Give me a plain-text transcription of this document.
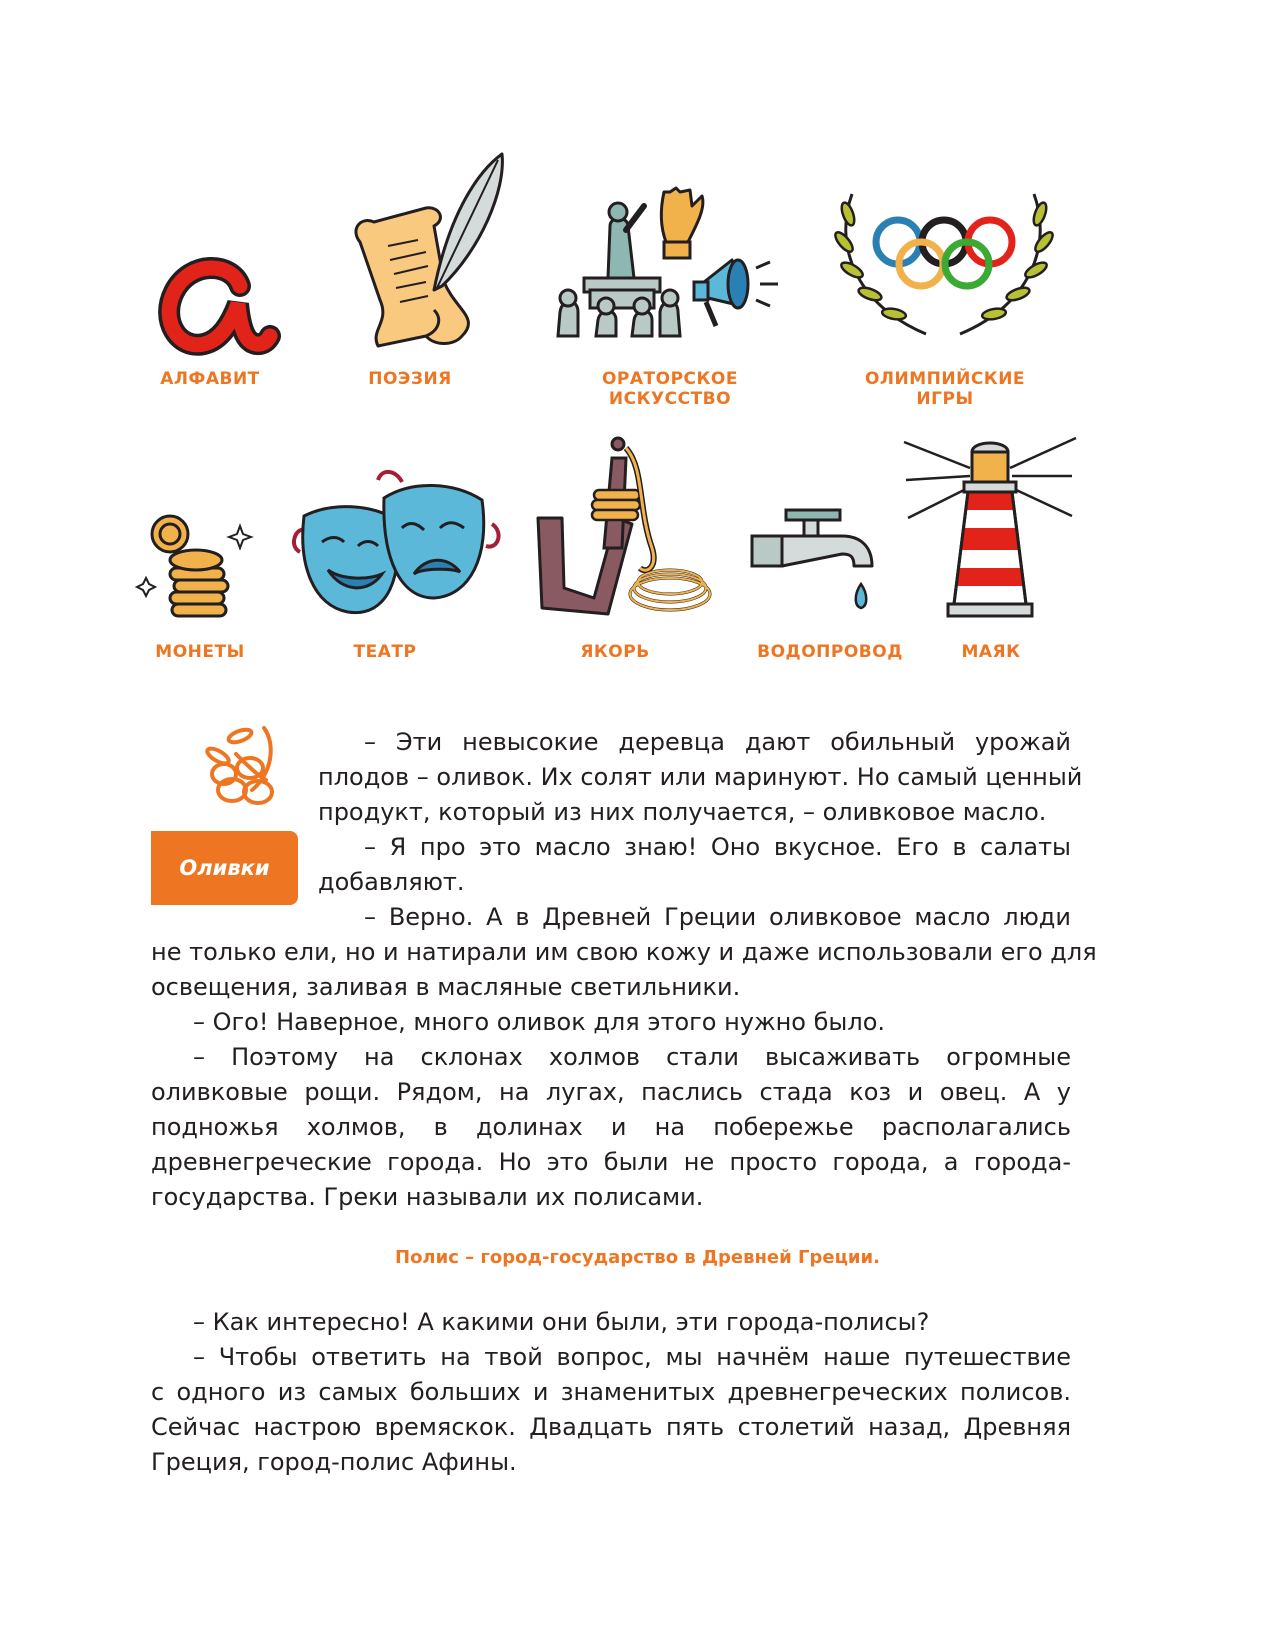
АЛФАВИТ	ПОЭЗИЯ	ОРАТОРСКОЕ
ИСКУССТВО
ОЛИМПИЙСКИЕ
ИГРЫ
МОНЕТЫ	ТЕАТР	ЯКОРЬ	ВОДОПРОВОД	МАЯК
Оливки
– Эти невысокие деревца дают обильный урожай
плодов – оливок. Их солят или маринуют. Но самый ценный
продукт, который из них получается, – оливковое масло.
– Я про это масло знаю! Оно вкусное. Его в салаты
добавляют.
– Верно. А в Древней Греции оливковое масло люди
не только ели, но и натирали им свою кожу и даже использовали его для
освещения, заливая в масляные светильники.
– Ого! Наверное, много оливок для этого нужно было.
– Поэтому на склонах холмов стали высаживать огромные
оливковые рощи. Рядом, на лугах, паслись стада коз и овец. А у
подножья холмов, в долинах и на побережье располагались
древнегреческие города. Но это были не просто города, а города-
государства. Греки называли их полисами.
Полис – город-государство в Древней Греции.
– Как интересно! А какими они были, эти города-полисы?
– Чтобы ответить на твой вопрос, мы начнём наше путешествие
с одного из самых больших и знаменитых древнегреческих полисов.
Сейчас настрою времяскок. Двадцать пять столетий назад, Древняя
Греция, город-полис Афины.
